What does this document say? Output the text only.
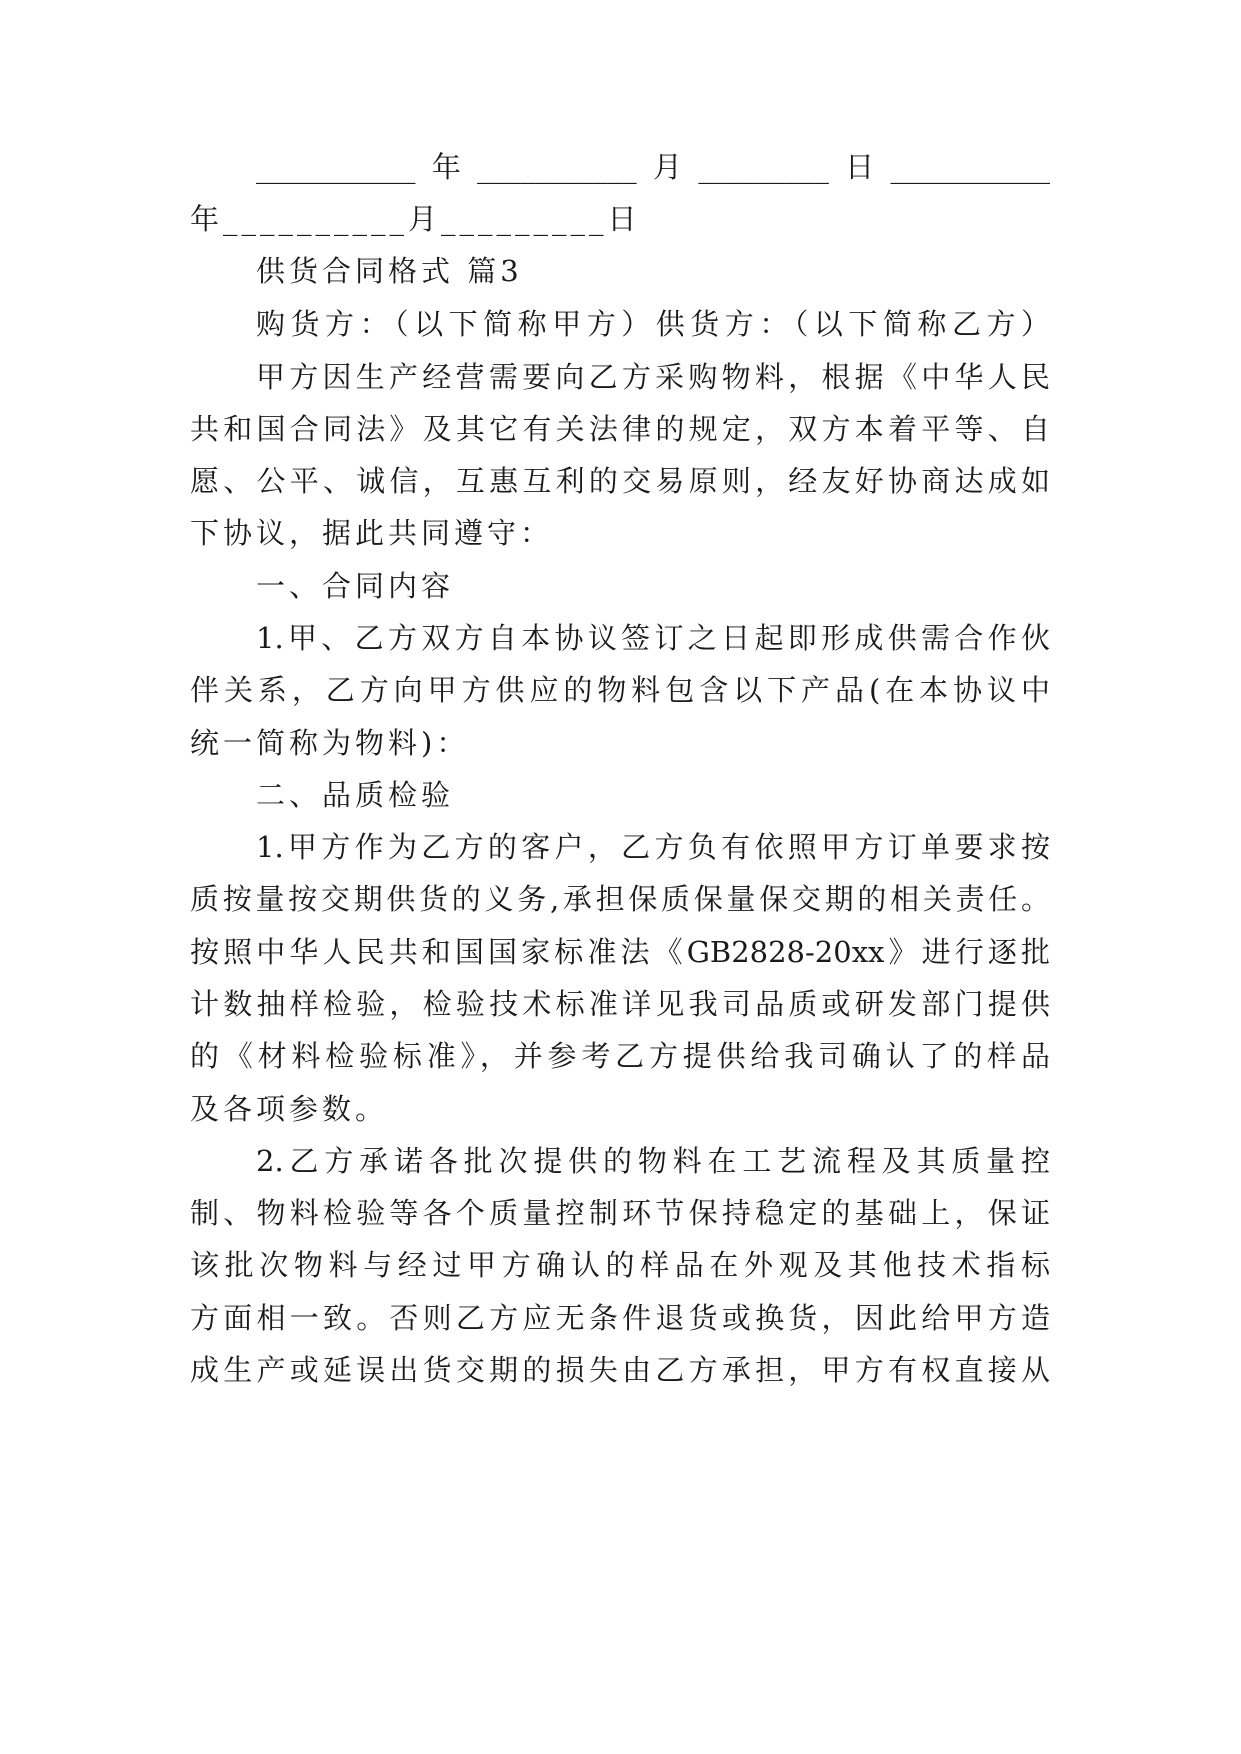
___________年___________月_________日___________
年__________月_________日
供货合同格式 篇3
购货方：（以下简称甲方）供货方：（以下简称乙方）
甲方因生产经营需要向乙方采购物料，根据《中华人民
共和国合同法》及其它有关法律的规定，双方本着平等、自
愿、公平、诚信，互惠互利的交易原则，经友好协商达成如
下协议，据此共同遵守：
一、合同内容
1.甲、乙方双方自本协议签订之日起即形成供需合作伙
伴关系，乙方向甲方供应的物料包含以下产品(在本协议中
统一简称为物料)：
二、品质检验
1.甲方作为乙方的客户，乙方负有依照甲方订单要求按
质按量按交期供货的义务,承担保质保量保交期的相关责任。
按照中华人民共和国国家标准法《GB2828-20xx》进行逐批
计数抽样检验，检验技术标准详见我司品质或研发部门提供
的《材料检验标准》，并参考乙方提供给我司确认了的样品
及各项参数。
2.乙方承诺各批次提供的物料在工艺流程及其质量控
制、物料检验等各个质量控制环节保持稳定的基础上，保证
该批次物料与经过甲方确认的样品在外观及其他技术指标
方面相一致。否则乙方应无条件退货或换货，因此给甲方造
成生产或延误出货交期的损失由乙方承担，甲方有权直接从
